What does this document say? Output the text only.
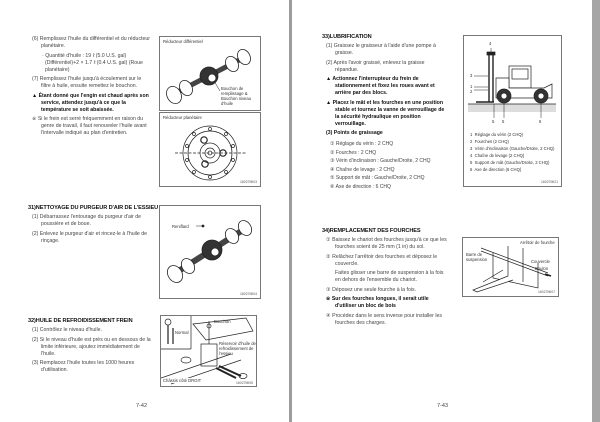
(6) Remplissez l'huile du différentiel et du réducteur planétaire.
· Quantité d'huile : 19 ℓ (5.0 U.S. gal) (Différentiel)+2 × 1.7 ℓ (0.4 U.S. gal) (Roue planétaire)
(7) Remplissez l'huile jusqu'à écoulement sur le filtre à huile, ensuite remettez le bouchon.
▲ Étant donné que l'engin est chaud après son service, attendez jusqu'à ce que la température se soit abaissée.
※ Si le frein est serré fréquemment en raison du genre de travail, il faut renouveler l'huile avant l'intervalle indiqué au plan d'entretien.
Réducteur différentiel
Bouchon de remplissage & Bouchon niveau d'huile
Réducteur planétaire
16027MI03
31)NETTOYAGE DU PURGEUR D'AIR DE L'ESSIEU
(1) Débarrassez l'entourage du purgeur d'air de poussière et de boue.
(2) Enlevez le purgeur d'air et rincez-le à l'huile de rinçage.
Reniflard
16027MI04
32)HUILE DE REFROIDISSEMENT FREIN
(1) Contrôlez le niveau d'huile.
(2) Si le niveau d'huile est près ou en dessous de la limite inférieure, ajoutez immédiatement de l'huile.
(3) Remplacez l'huile toutes les 1000 heures d'utilisation.
Normal
Bouchon
Réservoir d'huile de refroidissement de l'essieu
Châssis côté DROIT	16027MI05
7-42
33)LUBRIFICATION
(1) Graissez le graisseur à l'aide d'une pompe à graisse.
(2) Après l'avoir graissé, enlevez la graisse répandue.
▲ Actionnez l'interrupteur du frein de stationnement et fixez les roues avant et arrière par des blocs.
▲ Placez le mât et les fourches en une position stable et tournez la vanne de verrouillage de la sécurité hydraulique en position verrouillage.
(3) Points de graissage
① Réglage du vérin : 2 CHQ
② Fourches : 2 CHQ
③ Vérin d'inclinaison : Gauche/Droite, 2 CHQ
④ Chaîne de levage : 2 CHQ
⑤ Support de mât : Gauche/Droite, 2 CHQ
⑥ Axe de direction : 6 CHQ
4
3
1
2
5 5	6
1 Réglage du vérin (2 CHQ)
2 Fourches (2 CHQ)
3 Vérin d'inclinaison (Gauche/Droite, 2 CHQ)
4 Chaîne de levage (2 CHQ)
5 Support de mât (Gauche/Droite, 2 CHQ)
6 Axe de direction (6 CHQ)
16027MI21
34)REMPLACEMENT DES FOURCHES
① Baissez le chariot des fourches jusqu'à ce que les fourches soient de 25 mm (1 in) du sol.
② Relâchez l'arrêtoir des fourches et déposez le couvercle.
Faites glisser une barre de suspension à la fois en dehors de l'ensemble du chariot.
③ Déposez une seule fourche à la fois.
※ Sur des fourches longues, il serait utile d'utiliser un bloc de bois
④ Procédez dans le sens inverse pour installer les fourches des charges.
Arrêtoir de fourche
Barre de suspension	Couvercle
Boulon
16027MI07
7-43
